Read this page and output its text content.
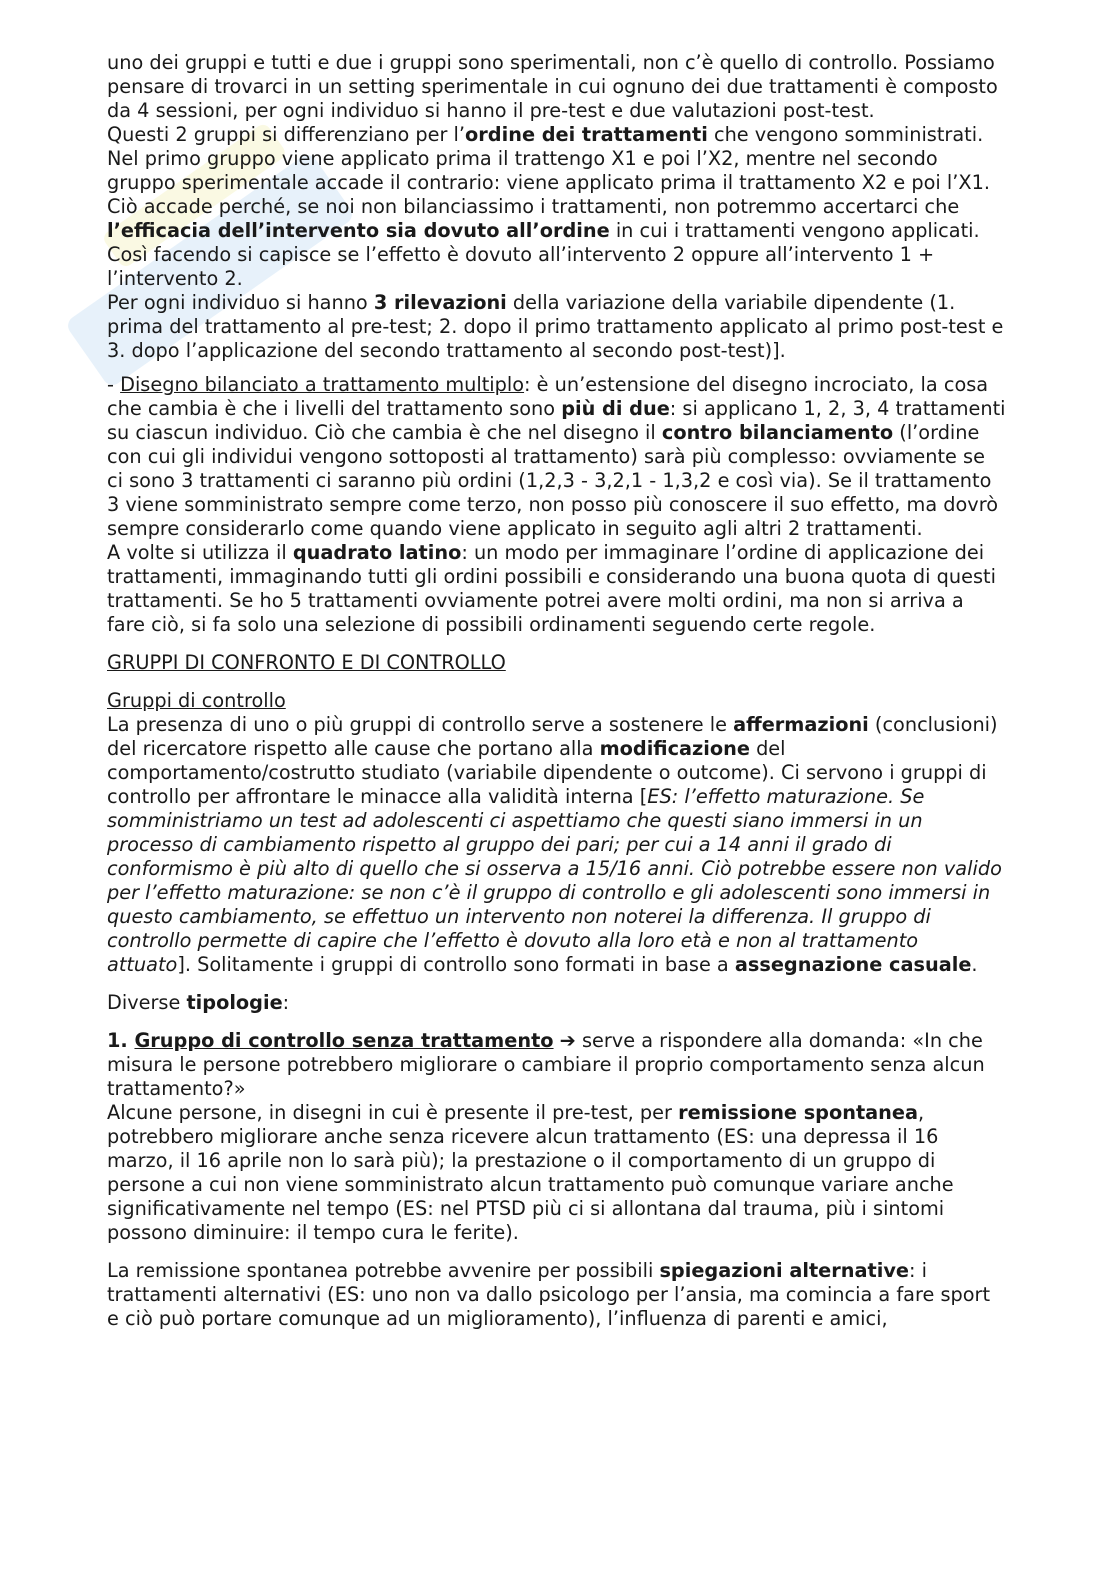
uno dei gruppi e tutti e due i gruppi sono sperimentali, non c’è quello di controllo. Possiamo pensare di trovarci in un setting sperimentale in cui ognuno dei due trattamenti è composto da 4 sessioni, per ogni individuo si hanno il pre-test e due valutazioni post-test.

Questi 2 gruppi si differenziano per l’ordine dei trattamenti che vengono somministrati. Nel primo gruppo viene applicato prima il trattengo X1 e poi l’X2, mentre nel secondo gruppo sperimentale accade il contrario: viene applicato prima il trattamento X2 e poi l’X1. Ciò accade perché, se noi non bilanciassimo i trattamenti, non potremmo accertarci che l’efficacia dell’intervento sia dovuto all’ordine in cui i trattamenti vengono applicati. Così facendo si capisce se l’effetto è dovuto all’intervento 2 oppure all’intervento 1 + l’intervento 2.

Per ogni individuo si hanno 3 rilevazioni della variazione della variabile dipendente (1. prima del trattamento al pre-test; 2. dopo il primo trattamento applicato al primo post-test e 3. dopo l’applicazione del secondo trattamento al secondo post-test)].

- Disegno bilanciato a trattamento multiplo: è un’estensione del disegno incrociato, la cosa che cambia è che i livelli del trattamento sono più di due: si applicano 1, 2, 3, 4 trattamenti su ciascun individuo. Ciò che cambia è che nel disegno il contro bilanciamento (l’ordine con cui gli individui vengono sottoposti al trattamento) sarà più complesso: ovviamente se ci sono 3 trattamenti ci saranno più ordini (1,2,3 - 3,2,1 - 1,3,2 e così via). Se il trattamento 3 viene somministrato sempre come terzo, non posso più conoscere il suo effetto, ma dovrò sempre considerarlo come quando viene applicato in seguito agli altri 2 trattamenti.

A volte si utilizza il quadrato latino: un modo per immaginare l’ordine di applicazione dei trattamenti, immaginando tutti gli ordini possibili e considerando una buona quota di questi trattamenti. Se ho 5 trattamenti ovviamente potrei avere molti ordini, ma non si arriva a fare ciò, si fa solo una selezione di possibili ordinamenti seguendo certe regole.

GRUPPI DI CONFRONTO E DI CONTROLLO

Gruppi di controllo

La presenza di uno o più gruppi di controllo serve a sostenere le affermazioni (conclusioni) del ricercatore rispetto alle cause che portano alla modificazione del comportamento/costrutto studiato (variabile dipendente o outcome). Ci servono i gruppi di controllo per affrontare le minacce alla validità interna [ES: l’effetto maturazione. Se somministriamo un test ad adolescenti ci aspettiamo che questi siano immersi in un processo di cambiamento rispetto al gruppo dei pari; per cui a 14 anni il grado di conformismo è più alto di quello che si osserva a 15/16 anni. Ciò potrebbe essere non valido per l’effetto maturazione: se non c’è il gruppo di controllo e gli adolescenti sono immersi in questo cambiamento, se effettuo un intervento non noterei la differenza. Il gruppo di controllo permette di capire che l’effetto è dovuto alla loro età e non al trattamento attuato]. Solitamente i gruppi di controllo sono formati in base a assegnazione casuale.

Diverse tipologie:

1. Gruppo di controllo senza trattamento ➔ serve a rispondere alla domanda: «In che misura le persone potrebbero migliorare o cambiare il proprio comportamento senza alcun trattamento?»

Alcune persone, in disegni in cui è presente il pre-test, per remissione spontanea, potrebbero migliorare anche senza ricevere alcun trattamento (ES: una depressa il 16 marzo, il 16 aprile non lo sarà più); la prestazione o il comportamento di un gruppo di persone a cui non viene somministrato alcun trattamento può comunque variare anche significativamente nel tempo (ES: nel PTSD più ci si allontana dal trauma, più i sintomi possono diminuire: il tempo cura le ferite).

La remissione spontanea potrebbe avvenire per possibili spiegazioni alternative: i trattamenti alternativi (ES: uno non va dallo psicologo per l’ansia, ma comincia a fare sport e ciò può portare comunque ad un miglioramento), l’influenza di parenti e amici,
